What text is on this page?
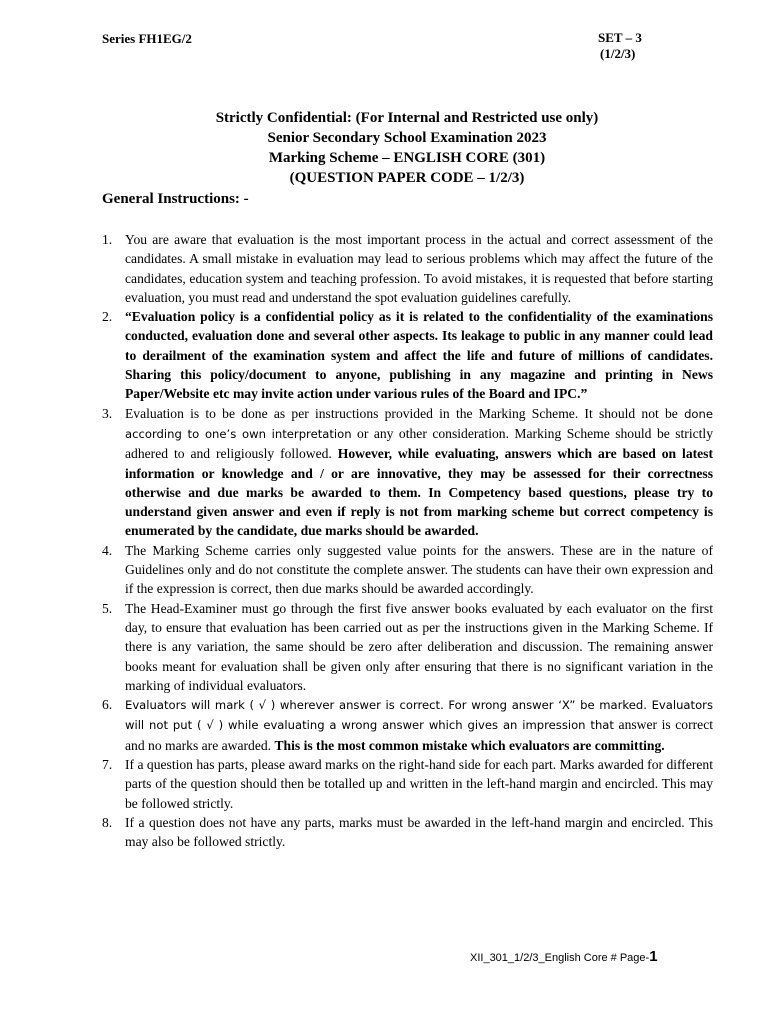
Series FH1EG/2	SET – 3
(1/2/3)
Strictly Confidential: (For Internal and Restricted use only)
Senior Secondary School Examination 2023
Marking Scheme – ENGLISH CORE (301)
(QUESTION PAPER CODE – 1/2/3)
General Instructions: -
1. You are aware that evaluation is the most important process in the actual and correct assessment of the candidates. A small mistake in evaluation may lead to serious problems which may affect the future of the candidates, education system and teaching profession. To avoid mistakes, it is requested that before starting evaluation, you must read and understand the spot evaluation guidelines carefully.
2. “Evaluation policy is a confidential policy as it is related to the confidentiality of the examinations conducted, evaluation done and several other aspects. Its leakage to public in any manner could lead to derailment of the examination system and affect the life and future of millions of candidates. Sharing this policy/document to anyone, publishing in any magazine and printing in News Paper/Website etc may invite action under various rules of the Board and IPC.”
3. Evaluation is to be done as per instructions provided in the Marking Scheme. It should not be done according to one’s own interpretation or any other consideration. Marking Scheme should be strictly adhered to and religiously followed. However, while evaluating, answers which are based on latest information or knowledge and / or are innovative, they may be assessed for their correctness otherwise and due marks be awarded to them. In Competency based questions, please try to understand given answer and even if reply is not from marking scheme but correct competency is enumerated by the candidate, due marks should be awarded.
4. The Marking Scheme carries only suggested value points for the answers. These are in the nature of Guidelines only and do not constitute the complete answer. The students can have their own expression and if the expression is correct, then due marks should be awarded accordingly.
5. The Head-Examiner must go through the first five answer books evaluated by each evaluator on the first day, to ensure that evaluation has been carried out as per the instructions given in the Marking Scheme. If there is any variation, the same should be zero after deliberation and discussion. The remaining answer books meant for evaluation shall be given only after ensuring that there is no significant variation in the marking of individual evaluators.
6. Evaluators will mark ( √ ) wherever answer is correct. For wrong answer ‘X” be marked. Evaluators will not put ( √ ) while evaluating a wrong answer which gives an impression that answer is correct and no marks are awarded. This is the most common mistake which evaluators are committing.
7. If a question has parts, please award marks on the right-hand side for each part. Marks awarded for different parts of the question should then be totalled up and written in the left-hand margin and encircled. This may be followed strictly.
8. If a question does not have any parts, marks must be awarded in the left-hand margin and encircled. This may also be followed strictly.
XII_301_1/2/3_English Core # Page-1
